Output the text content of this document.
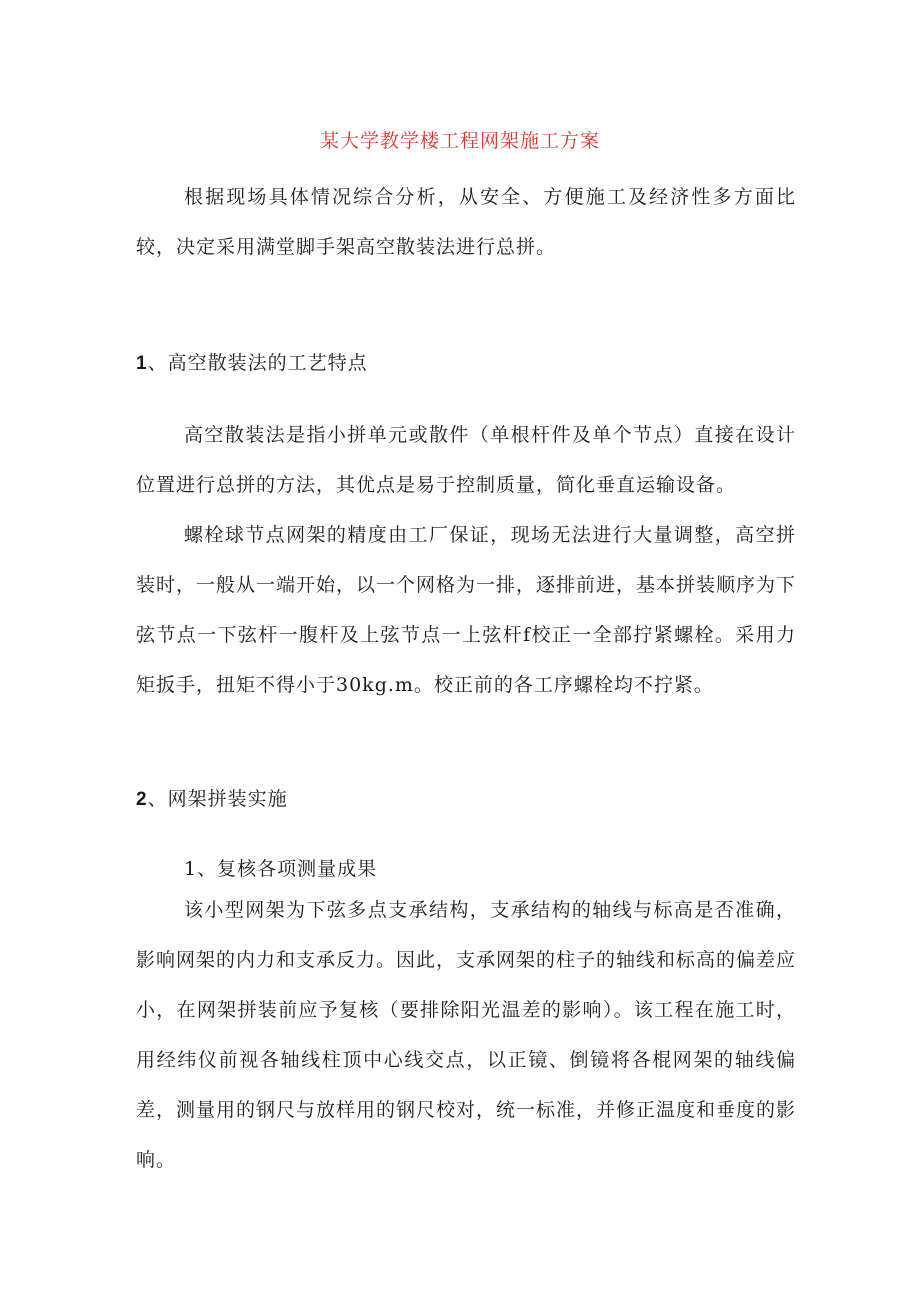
某大学教学楼工程网架施工方案

根据现场具体情况综合分析，从安全、方便施工及经济性多方面比较，决定采用满堂脚手架高空散装法进行总拼。

1、高空散装法的工艺特点

高空散装法是指小拼单元或散件（单根杆件及单个节点）直接在设计位置进行总拼的方法，其优点是易于控制质量，简化垂直运输设备。

螺栓球节点网架的精度由工厂保证，现场无法进行大量调整，高空拼装时，一般从一端开始，以一个网格为一排，逐排前进，基本拼装顺序为下弦节点一下弦杆一腹杆及上弦节点一上弦杆f校正一全部拧紧螺栓。采用力矩扳手，扭矩不得小于30kg.m。校正前的各工序螺栓均不拧紧。

2、网架拼装实施
1、复核各项测量成果

该小型网架为下弦多点支承结构，支承结构的轴线与标高是否准确，影响网架的内力和支承反力。因此，支承网架的柱子的轴线和标高的偏差应小，在网架拼装前应予复核（要排除阳光温差的影响）。该工程在施工时，用经纬仪前视各轴线柱顶中心线交点，以正镜、倒镜将各棍网架的轴线偏差，测量用的钢尺与放样用的钢尺校对，统一标准，并修正温度和垂度的影响。
